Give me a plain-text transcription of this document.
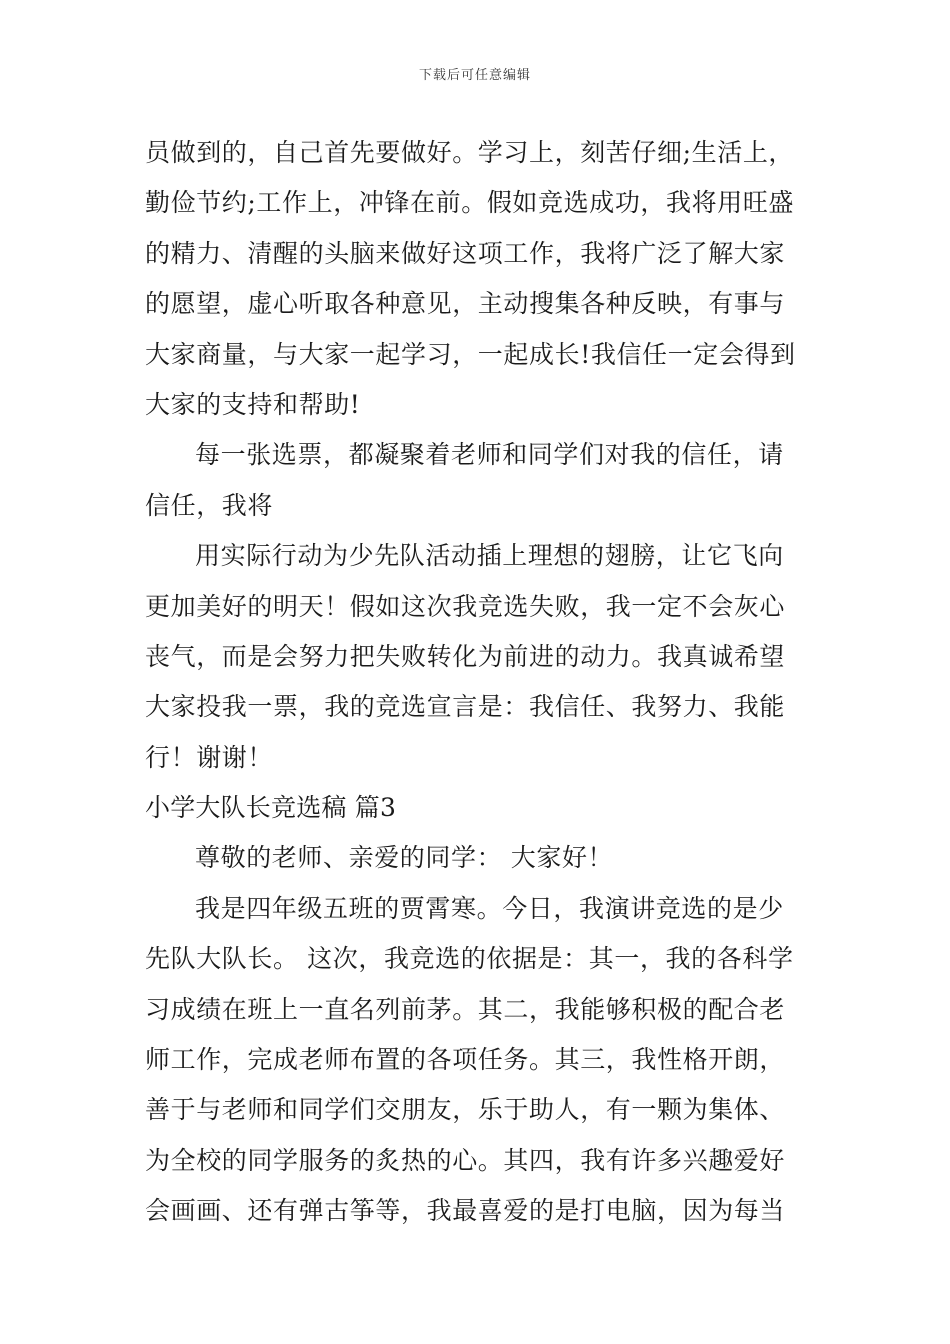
下载后可任意编辑
员做到的，自己首先要做好。学习上，刻苦仔细;生活上，
勤俭节约;工作上，冲锋在前。假如竞选成功，我将用旺盛
的精力、清醒的头脑来做好这项工作，我将广泛了解大家
的愿望，虚心听取各种意见，主动搜集各种反映，有事与
大家商量，与大家一起学习，一起成长!我信任一定会得到
大家的支持和帮助!
每一张选票，都凝聚着老师和同学们对我的信任，请
信任，我将
用实际行动为少先队活动插上理想的翅膀，让它飞向
更加美好的明天！假如这次我竞选失败，我一定不会灰心
丧气，而是会努力把失败转化为前进的动力。我真诚希望
大家投我一票，我的竞选宣言是：我信任、我努力、我能
行！谢谢！
小学大队长竞选稿 篇3
尊敬的老师、亲爱的同学： 大家好！
我是四年级五班的贾霄寒。今日，我演讲竞选的是少
先队大队长。 这次，我竞选的依据是：其一，我的各科学
习成绩在班上一直名列前茅。其二，我能够积极的配合老
师工作，完成老师布置的各项任务。其三，我性格开朗，
善于与老师和同学们交朋友，乐于助人，有一颗为集体、
为全校的同学服务的炙热的心。其四，我有许多兴趣爱好
会画画、还有弹古筝等，我最喜爱的是打电脑，因为每当
